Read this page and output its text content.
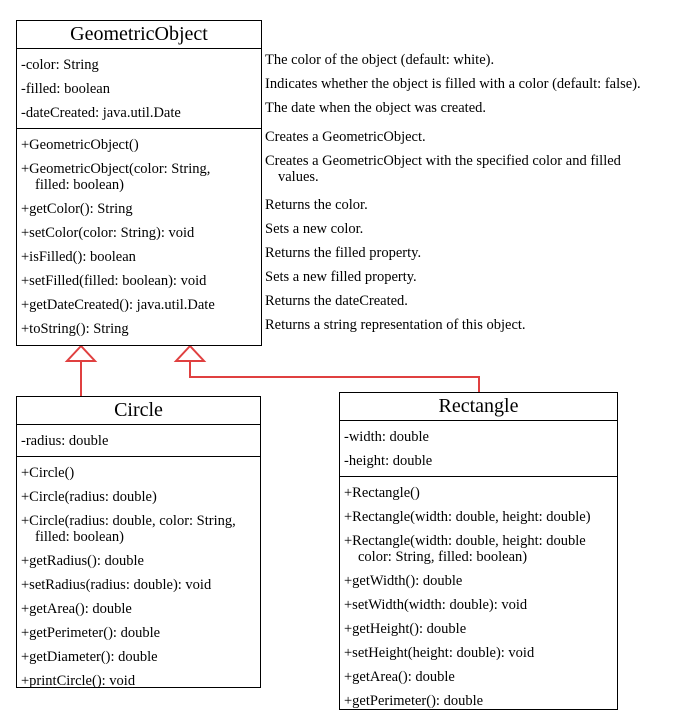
GeometricObject
-color: String
-filled: boolean
-dateCreated: java.util.Date
+GeometricObject()
+GeometricObject(color: String,
filled: boolean)
+getColor(): String
+setColor(color: String): void
+isFilled(): boolean
+setFilled(filled: boolean): void
+getDateCreated(): java.util.Date
+toString(): String
The color of the object (default: white).
Indicates whether the object is filled with a color (default: false).
The date when the object was created.
Creates a GeometricObject.
Creates a GeometricObject with the specified color and filled
values.
Returns the color.
Sets a new color.
Returns the filled property.
Sets a new filled property.
Returns the dateCreated.
Returns a string representation of this object.
Circle
-radius: double
+Circle()
+Circle(radius: double)
+Circle(radius: double, color: String,
filled: boolean)
+getRadius(): double
+setRadius(radius: double): void
+getArea(): double
+getPerimeter(): double
+getDiameter(): double
+printCircle(): void
Rectangle
-width: double
-height: double
+Rectangle()
+Rectangle(width: double, height: double)
+Rectangle(width: double, height: double
color: String, filled: boolean)
+getWidth(): double
+setWidth(width: double): void
+getHeight(): double
+setHeight(height: double): void
+getArea(): double
+getPerimeter(): double
